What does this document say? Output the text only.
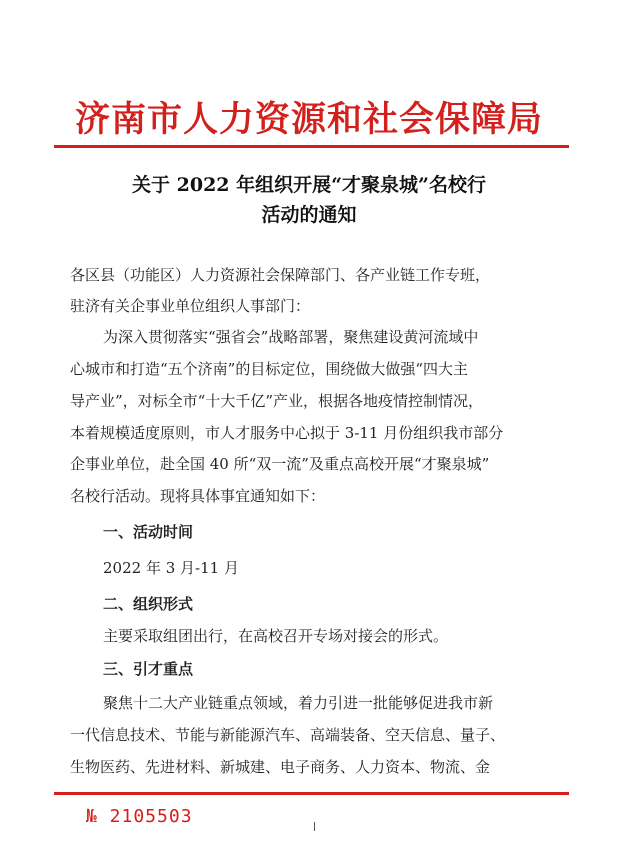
济南市人力资源和社会保障局
关于 2022 年组织开展“才聚泉城”名校行
活动的通知
各区县（功能区）人力资源社会保障部门、各产业链工作专班，
驻济有关企事业单位组织人事部门：
为深入贯彻落实“强省会”战略部署，聚焦建设黄河流域中
心城市和打造“五个济南”的目标定位，围绕做大做强“四大主
导产业”，对标全市“十大千亿”产业，根据各地疫情控制情况，
本着规模适度原则，市人才服务中心拟于 3-11 月份组织我市部分
企事业单位，赴全国 40 所“双一流”及重点高校开展“才聚泉城”
名校行活动。现将具体事宜通知如下：
一、活动时间
2022 年 3 月-11 月
二、组织形式
主要采取组团出行，在高校召开专场对接会的形式。
三、引才重点
聚焦十二大产业链重点领域，着力引进一批能够促进我市新
一代信息技术、节能与新能源汽车、高端装备、空天信息、量子、
生物医药、先进材料、新城建、电子商务、人力资本、物流、金
№ 2105503
